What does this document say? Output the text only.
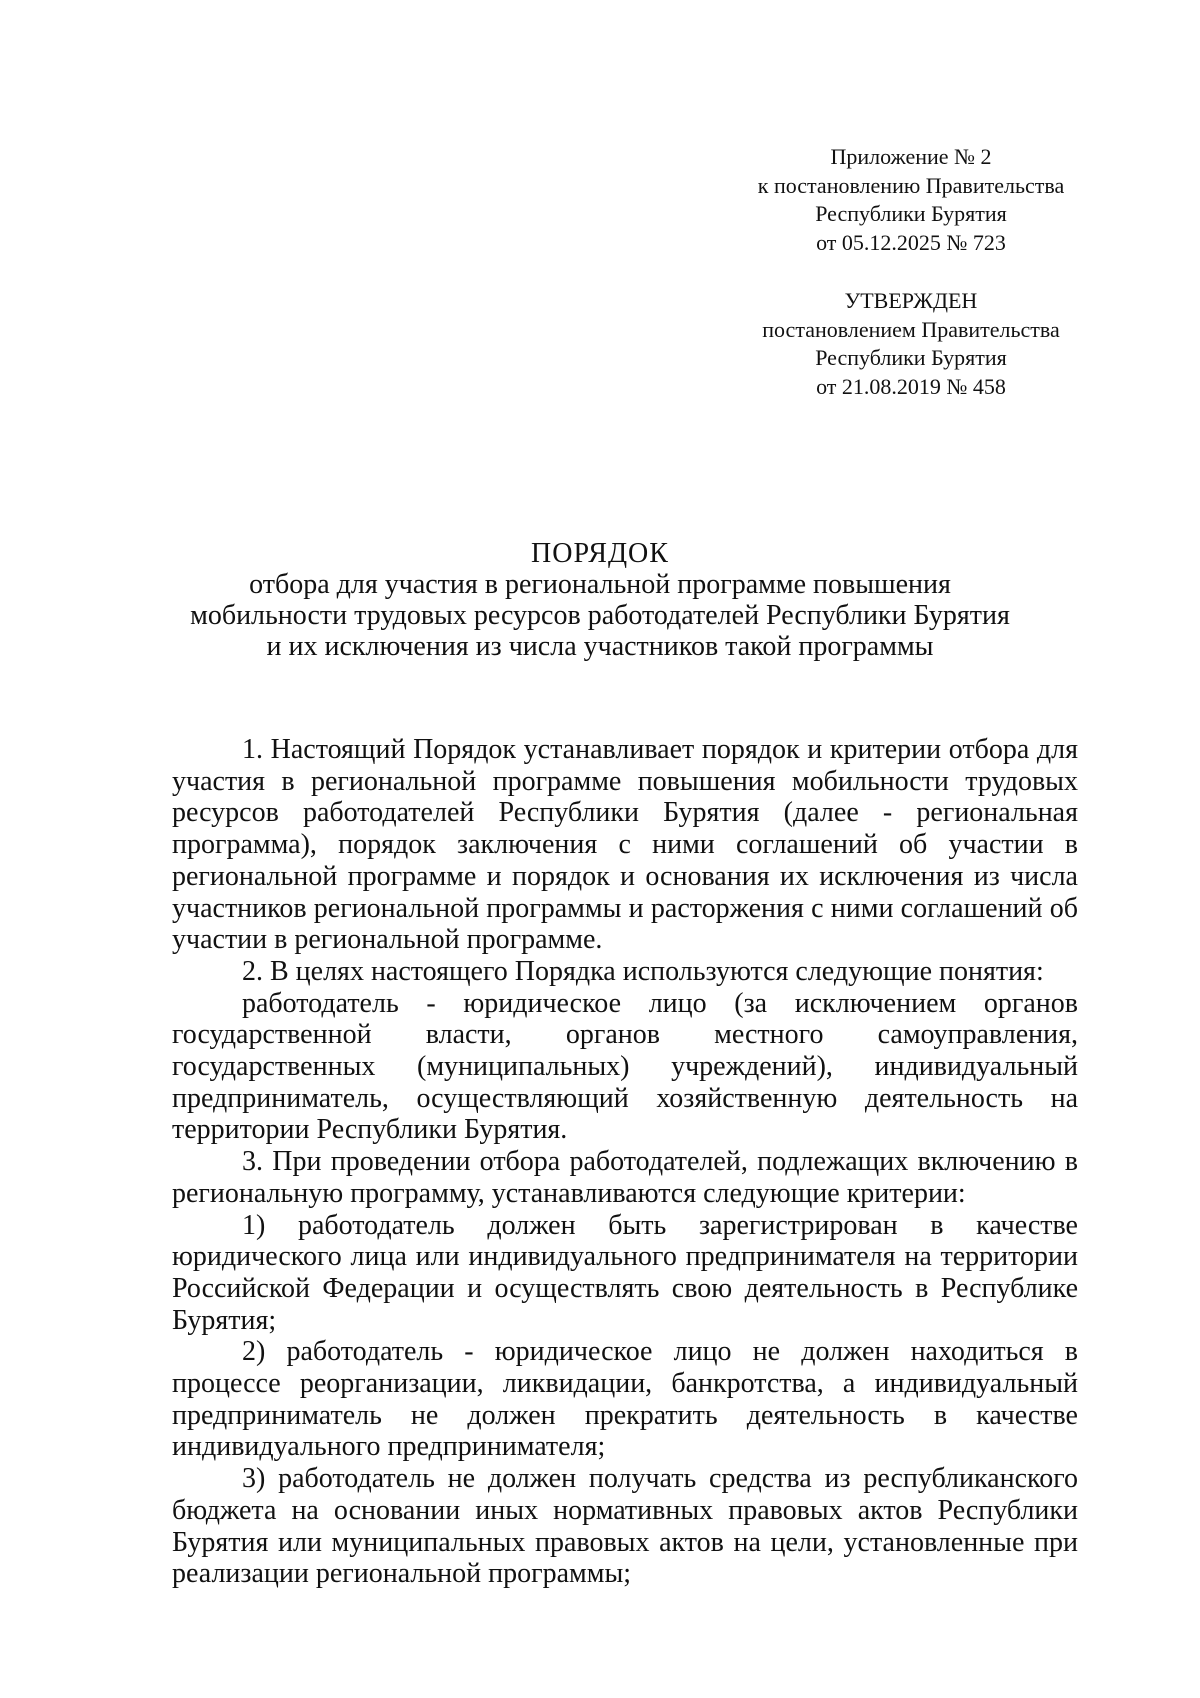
Приложение № 2
к постановлению Правительства
Республики Бурятия
от 05.12.2025 № 723
УТВЕРЖДЕН
постановлением Правительства
Республики Бурятия
от 21.08.2019 № 458
ПОРЯДОК
отбора для участия в региональной программе повышения
мобильности трудовых ресурсов работодателей Республики Бурятия
и их исключения из числа участников такой программы

1. Настоящий Порядок устанавливает порядок и критерии отбора для участия в региональной программе повышения мобильности трудовых ресурсов работодателей Республики Бурятия (далее - региональная программа), порядок заключения с ними соглашений об участии в региональной программе и порядок и основания их исключения из числа участников региональной программы и расторжения с ними соглашений об участии в региональной программе.

2. В целях настоящего Порядка используются следующие понятия:

работодатель - юридическое лицо (за исключением органов государственной власти, органов местного самоуправления, государственных (муниципальных) учреждений), индивидуальный предприниматель, осуществляющий хозяйственную деятельность на территории Республики Бурятия.

3. При проведении отбора работодателей, подлежащих включению в региональную программу, устанавливаются следующие критерии:

1) работодатель должен быть зарегистрирован в качестве юридического лица или индивидуального предпринимателя на территории Российской Федерации и осуществлять свою деятельность в Республике Бурятия;

2) работодатель - юридическое лицо не должен находиться в процессе реорганизации, ликвидации, банкротства, а индивидуальный предприниматель не должен прекратить деятельность в качестве индивидуального предпринимателя;

3) работодатель не должен получать средства из республиканского бюджета на основании иных нормативных правовых актов Республики Бурятия или муниципальных правовых актов на цели, установленные при реализации региональной программы;
